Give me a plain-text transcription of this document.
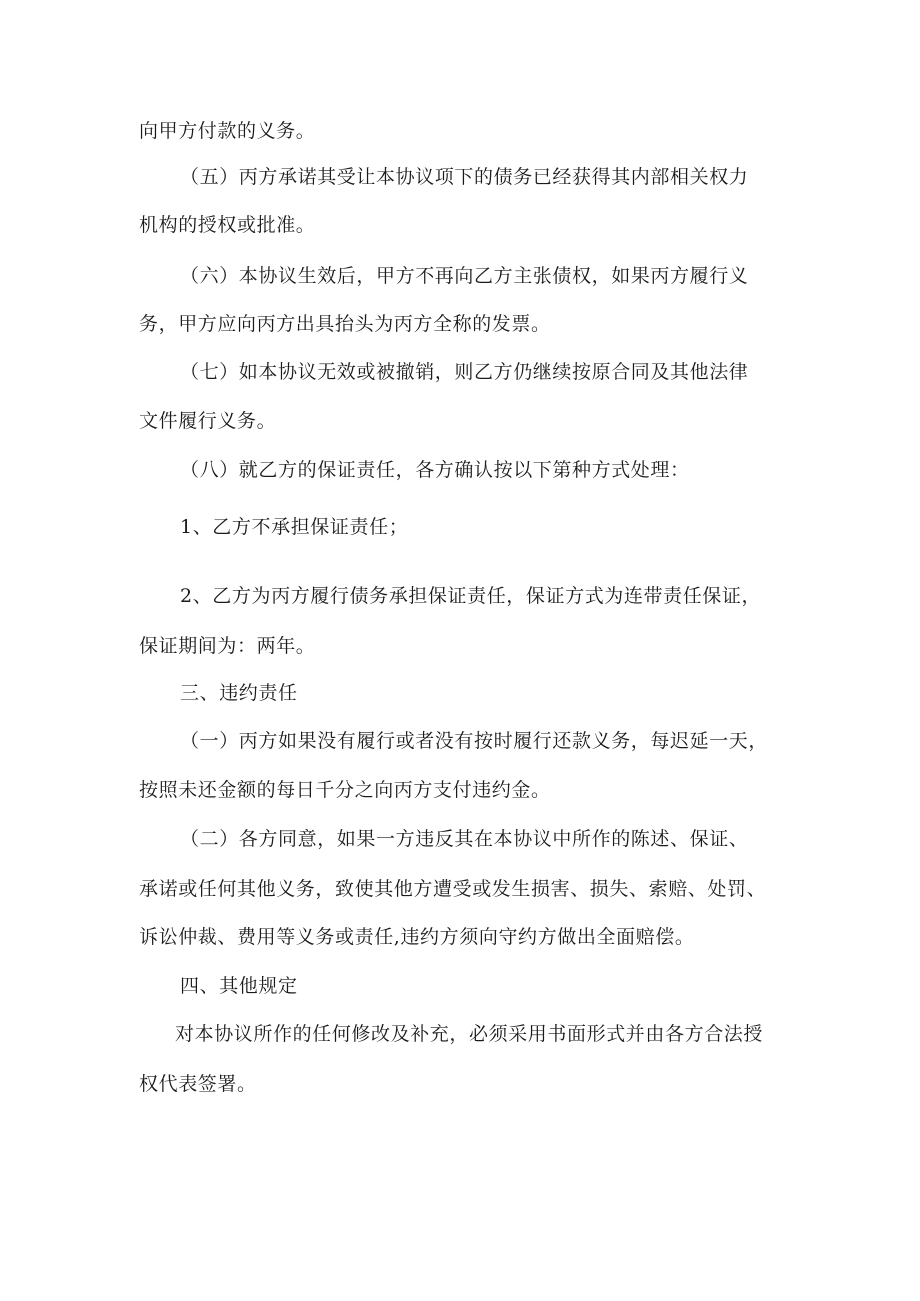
向甲方付款的义务。
（五）丙方承诺其受让本协议项下的债务已经获得其内部相关权力
机构的授权或批准。
（六）本协议生效后，甲方不再向乙方主张债权，如果丙方履行义
务，甲方应向丙方出具抬头为丙方全称的发票。
（七）如本协议无效或被撤销，则乙方仍继续按原合同及其他法律
文件履行义务。
（八）就乙方的保证责任，各方确认按以下第种方式处理：
1、乙方不承担保证责任；
2、乙方为丙方履行债务承担保证责任，保证方式为连带责任保证，
保证期间为：两年。
三、违约责任
（一）丙方如果没有履行或者没有按时履行还款义务，每迟延一天，
按照未还金额的每日千分之向丙方支付违约金。
（二）各方同意，如果一方违反其在本协议中所作的陈述、保证、
承诺或任何其他义务，致使其他方遭受或发生损害、损失、索赔、处罚、
诉讼仲裁、费用等义务或责任,违约方须向守约方做出全面赔偿。
四、其他规定
对本协议所作的任何修改及补充，必须采用书面形式并由各方合法授
权代表签署。
